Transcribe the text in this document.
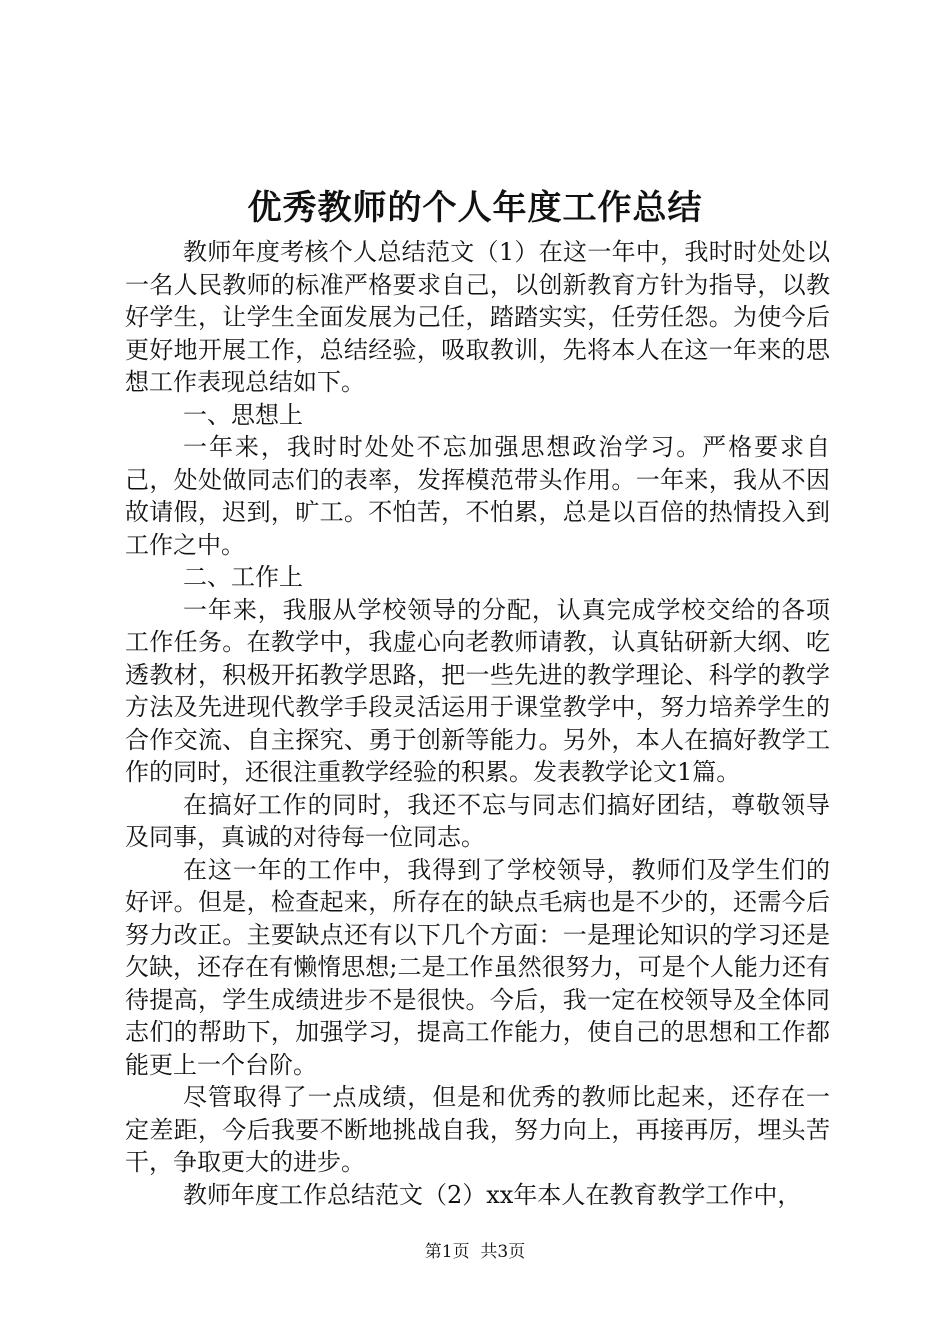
优秀教师的个人年度工作总结

教师年度考核个人总结范文（1）在这一年中，我时时处处以一名人民教师的标准严格要求自己，以创新教育方针为指导，以教好学生，让学生全面发展为己任，踏踏实实，任劳任怨。为使今后更好地开展工作，总结经验，吸取教训，先将本人在这一年来的思想工作表现总结如下。

一、思想上

一年来，我时时处处不忘加强思想政治学习。严格要求自己，处处做同志们的表率，发挥模范带头作用。一年来，我从不因故请假，迟到，旷工。不怕苦，不怕累，总是以百倍的热情投入到工作之中。

二、工作上

一年来，我服从学校领导的分配，认真完成学校交给的各项工作任务。在教学中，我虚心向老教师请教，认真钻研新大纲、吃透教材，积极开拓教学思路，把一些先进的教学理论、科学的教学方法及先进现代教学手段灵活运用于课堂教学中，努力培养学生的合作交流、自主探究、勇于创新等能力。另外，本人在搞好教学工作的同时，还很注重教学经验的积累。发表教学论文1篇。

在搞好工作的同时，我还不忘与同志们搞好团结，尊敬领导及同事，真诚的对待每一位同志。

在这一年的工作中，我得到了学校领导，教师们及学生们的好评。但是，检查起来，所存在的缺点毛病也是不少的，还需今后努力改正。主要缺点还有以下几个方面：一是理论知识的学习还是欠缺，还存在有懒惰思想;二是工作虽然很努力，可是个人能力还有待提高，学生成绩进步不是很快。今后，我一定在校领导及全体同志们的帮助下，加强学习，提高工作能力，使自己的思想和工作都能更上一个台阶。

尽管取得了一点成绩，但是和优秀的教师比起来，还存在一定差距，今后我要不断地挑战自我，努力向上，再接再厉，埋头苦干，争取更大的进步。

教师年度工作总结范文（2）xx年本人在教育教学工作中，

第1页 共3页
